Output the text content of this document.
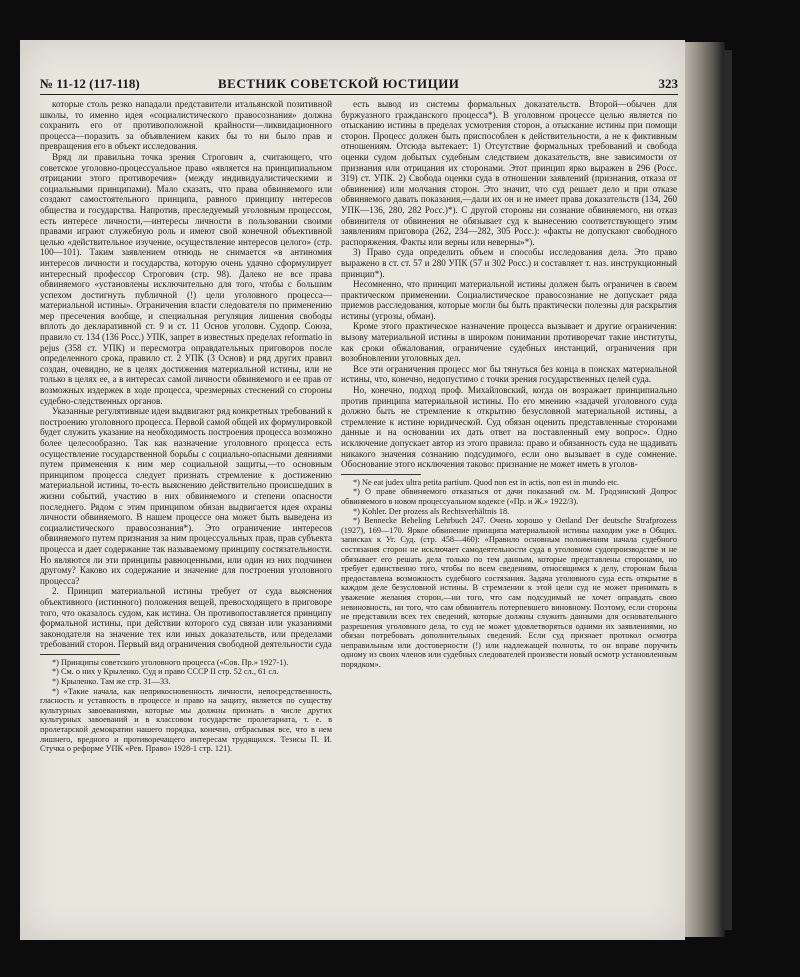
№ 11-12 (117-118)	ВЕСТНИК СОВЕТСКОЙ ЮСТИЦИИ	323

которые столь резко нападали представители итальянской позитивной школы, то именно идея «социалистического правосознания» должна сохранить его от противоположной крайности—ликвидационного процесса—поразить за объявлением каких бы то ни было прав и превращения его в объект исследования.

Вряд ли правильна точка зрения Строгович а, считающего, что советское уголовно-процессуальное право «является на принципиальном отрицании этого противоречия» (между индивидуалистическими и социальными принципами). Мало сказать, что права обвиняемого или создают самостоятельного принципа, равного принципу интересов общества и государства. Напротив, преследуемый уголовным процессом, есть интересе личности,—интересы личности в пользовании своими правами играют служебную роль и имеют свой конечной объективной целью «действительное изучение, осуществление интересов целого» (стр. 100—101). Таким заявлением отнюдь не снимается «в антиномия интересов личности и государства, которую очень удачно сформулирует интересный профессор Строгович (стр. 98). Далеко не все права обвиняемого «установлены исключительно для того, чтобы с большим успехом достигнуть публичной (!) цели уголовного процесса—материальной истины». Ограничения власти следователя по применению мер пресечения вообще, и специальная регуляция лишения свободы вплоть до декларативной ст. 9 и ст. 11 Основ уголовн. Судопр. Союза, правило ст. 134 (136 Росс.) УПК, запрет в известных пределах reformatio in pejus (358 ст. УПК) и пересмотра оправдательных приговоров после определенного срока, правило ст. 2 УПК (3 Основ) и ряд других правил создан, очевидно, не в целях достижения материальной истины, или не только в целях ее, а в интересах самой личности обвиняемого и ее прав от возможных издержек в ходе процесса, чрезмерных стеснений со стороны судебно-следственных органов.

Указанные регулятивные идеи выдвигают ряд конкретных требований к построению уголовного процесса. Первой самой общей их формулировкой будет служить указание на необходимость построения процесса возможно более целесообразно. Так как назначение уголовного процесса есть осуществление государственной борьбы с социально-опасными деяниями путем применения к ним мер социальной защиты,—то основным принципом процесса следует признать стремление к достижению материальной истины, то-есть выяснению действительно происшедших в жизни событий, участию в них обвиняемого и степени опасности последнего. Рядом с этим принципом обязан выдвигается идея охраны личности обвиняемого. В нашем процессе она может быть выведена из социалистического правосознания*). Это ограничение интересов обвиняемого путем признания за ним процессуальных прав, прав субъекта процесса и дает содержание так называемому принципу состязательности. Но являются ли эти принципы равноценными, или один из них подчинен другому? Каково их содержание и значение для построения уголовного процесса?

2. Принцип материальной истины требует от суда выяснения объективного (истинного) положения вещей, превосходящего в приговоре того, что оказалось судом, как истина. Он противопоставляется принципу формальной истины, при действии которого суд связан или указаниями законодателя на значение тех или иных доказательств, или пределами требований сторон. Первый вид ограничения свободной деятельности суда

*) Принципы советского уголовного процесса («Сов. Пр.» 1927-1).

*) См. о них у Крыленко. Суд и право СССР II стр. 52 сл., 61 сл.

*) Крыленко. Там же стр. 31—33.

*) «Такие начала, как неприкосновенность личности, непосредственность, гласность и уставность в процессе и право на защиту, является по существу культурных завоеваниями, которые мы должны признать в числе других культурных завоеваний и в классовом государстве пролетариата, т. е. в пролетарской демократии нашего порядка, конечно, отбрасывая все, что в нем лишнего, вредного и противоречащего интересам трудящихся. Тезисы П. И. Стучка о реформе УПК «Рев. Право» 1928-1 стр. 121).

есть вывод из системы формальных доказательств. Второй—обычен для буржуазного гражданского процесса*). В уголовном процессе целью является по отысканию истины в пределах усмотрения сторон, а отыскание истины при помощи сторон. Процесс должен быть приспособлен к действительности, а не к фиктивным отношениям. Отсюда вытекает: 1) Отсутствие формальных требований и свобода оценки судом добытых судебным следствием доказательств, вне зависимости от признания или отрицания их сторонами. Этот принцип ярко выражен в 296 (Росс. 319) ст. УПК. 2) Свобода оценки суда в отношении заявлений (признания, отказа от обвинения) или молчания сторон. Это значит, что суд решает дело и при отказе обвиняемого давать показания,—дали их он и не имеет права доказательств (134, 260 УПК—136, 280, 282 Росс.)*). С другой стороны ни сознание обвиняемого, ни отказ обвинителя от обвинения не обязывает суд к вынесению соответствующего этим заявлениям приговора (262, 234—282, 305 Росс.): «факты не допускают свободного распоряжения. Факты или верны или неверны»*).

3) Право суда определить объем и способы исследования дела. Это право выражено в ст. ст. 57 и 280 УПК (57 и 302 Росс.) и составляет т. наз. инструкционный принцип*).

Несомненно, что принцип материальной истины должен быть ограничен в своем практическом применении. Социалистическое правосознание не допускает ряда приемов расследования, которые могли бы быть практически полезны для раскрытия истины (угрозы, обман).

Кроме этого практическое назначение процесса вызывает и другие ограничения: вызову материальной истины в широком понимании противоречат такие институты, как сроки обжалования, ограничение судебных инстанций, ограничения при возобновлении уголовных дел.

Все эти ограничения процесс мог бы тянуться без конца в поисках материальной истины, что, конечно, недопустимо с точки зрения государственных целей суда.

Но, конечно, подход проф. Михайловский, когда он возражает принципиально против принципа материальной истины. По его мнению «задачей уголовного суда должно быть не стремление к открытию безусловной материальной истины, а стремление к истине юридической. Суд обязан оценить представленные сторонами данные и на основании их дать ответ на поставленный ему вопрос». Одно исключение допускает автор из этого правила: право и обязанность суда не щадивать никакого значения сознанию подсудимого, если оно вызывает в суде сомнение. Обоснование этого исключения таково: признание не может иметь в уголов-

*) Ne eat judex ultra petita partium. Quod non est in actis, non est in mundo etc.

*) О праве обвиняемого отказаться от дачи показаний см. М. Гродзинский Допрос обвиняемого в новом процессуальном кодексе («Пр. и Ж.» 1922/3).

*) Kohler. Der prozess als Rechtsverhältnis 18.

*) Bennecke Beheling Lehrbuch 247. Очень хорошо у Oetland Der deutsche Strafprozess (1927), 169—170. Яркое обвинение принципа материальной истины находим уже в Общих. записках к Уг. Суд. (стр. 458—460): «Правило основным положениям начала судебного состязания сторон не исключает самодеятельности суда в уголовном судопроизводстве и не обязывает его решать дела только по тем данным, которые представлены сторонами, но требует единственно того, чтобы по всем сведениям, относящимся к делу, сторонам была предоставлена возможность судебного состязания. Задача уголовного суда есть открытие в каждом деле безусловной истины. В стремлении к этой цели суд не может принимать в уважение желания сторон,—ни того, что сам подсудимый не хочет оправдать свою невиновность, ни того, что сам обвинитель потерпевшего виновному. Поэтому, если стороны не представили всех тех сведений, которые должны служить данными для основательного разрешения уголовного дела, то суд не может удовлетворяться одними их заявлениями, но обязан потребовать дополнительных сведений. Если суд признает протокол осмотра неправильным или достоверности (!) или надлежащей полноты, то он вправе поручить одному из своих членов или судебных следователей произвести новый осмотр установленным порядком».
